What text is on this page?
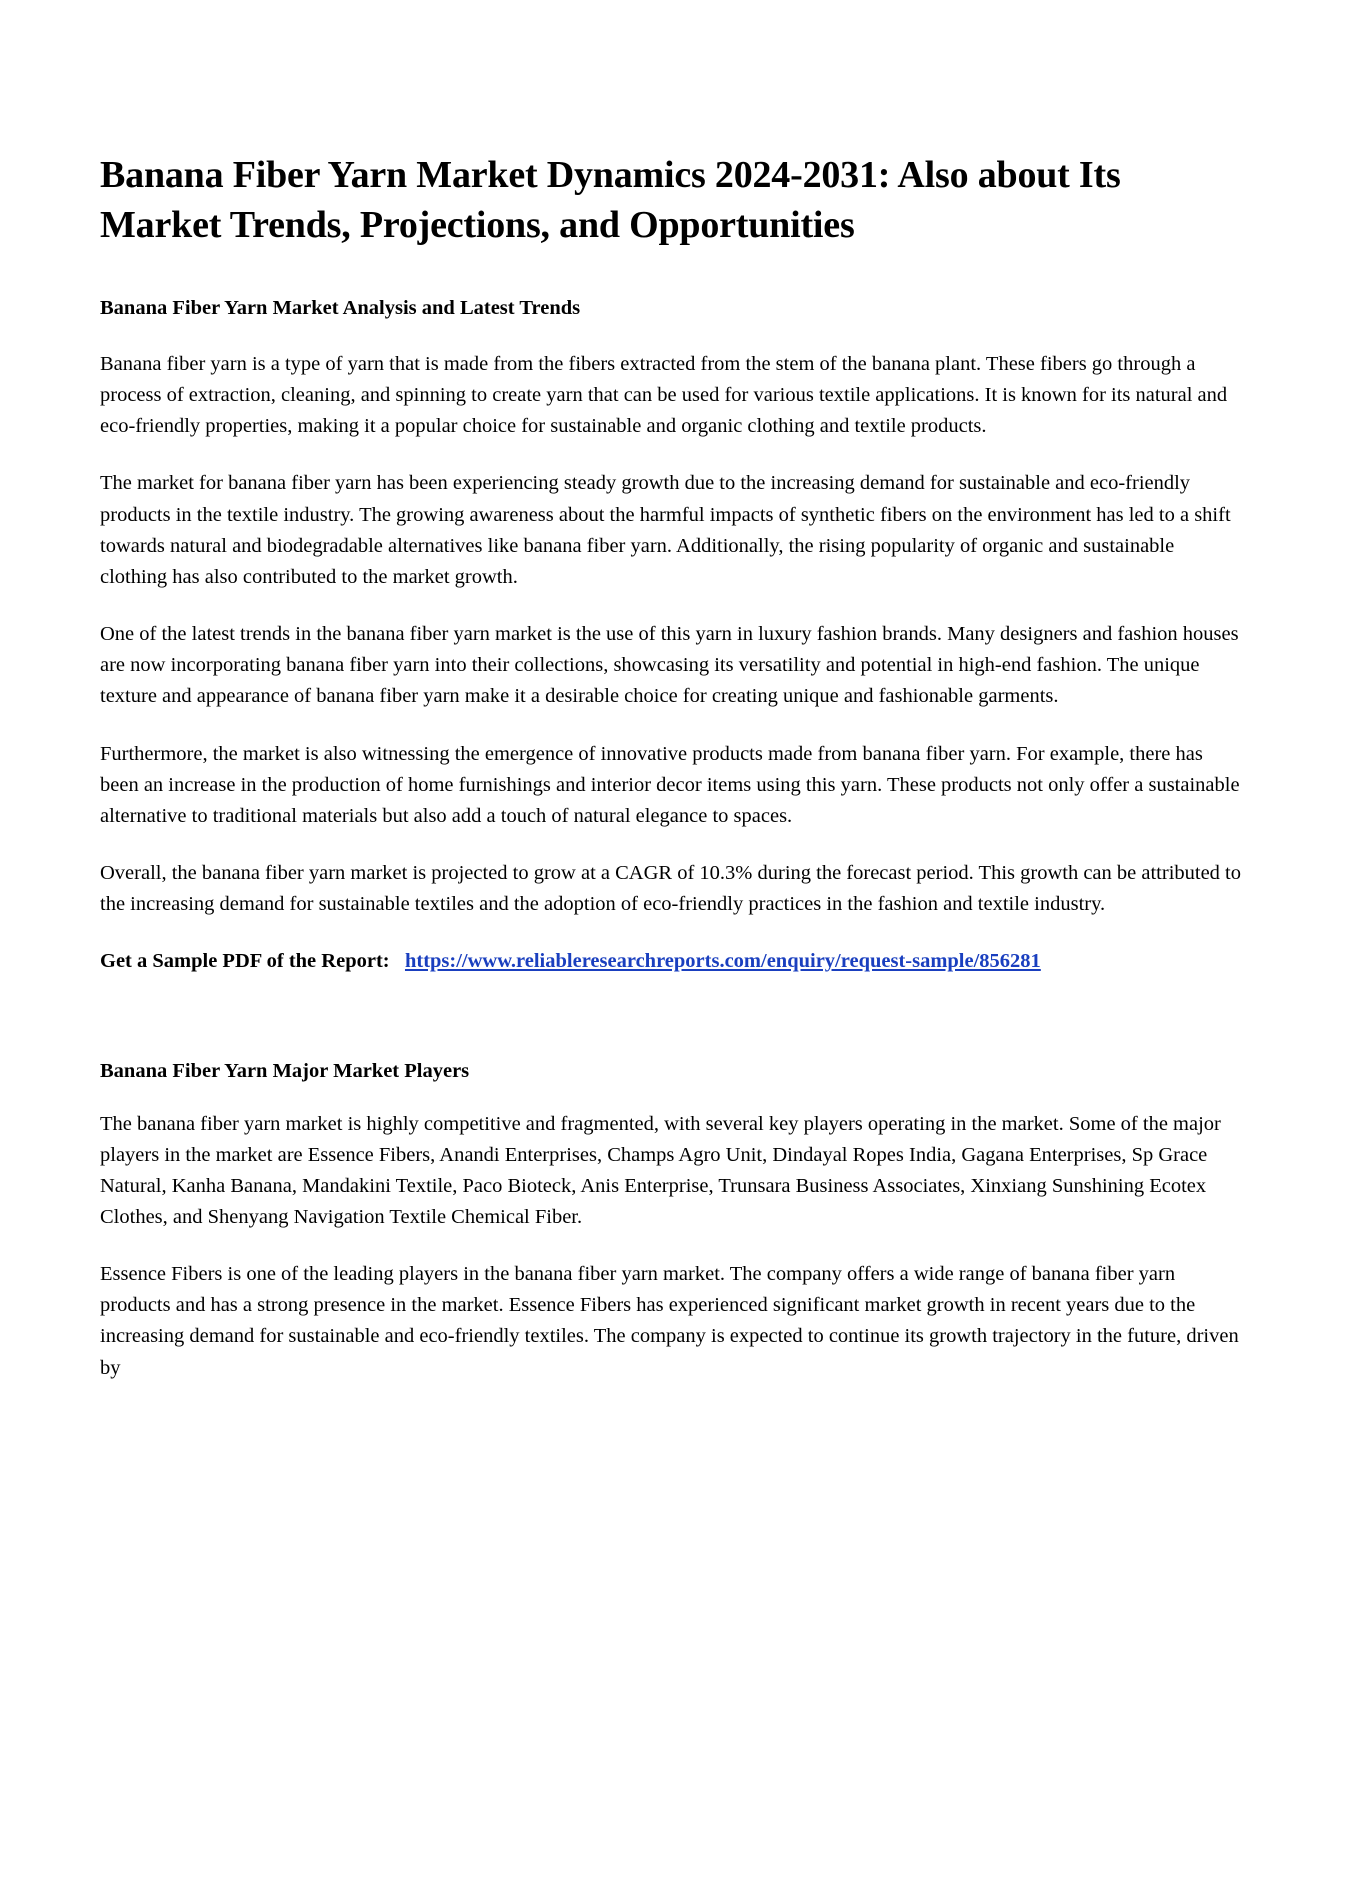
Banana Fiber Yarn Market Dynamics 2024-2031: Also about Its Market Trends, Projections, and Opportunities
Banana Fiber Yarn Market Analysis and Latest Trends

Banana fiber yarn is a type of yarn that is made from the fibers extracted from the stem of the banana plant. These fibers go through a process of extraction, cleaning, and spinning to create yarn that can be used for various textile applications. It is known for its natural and eco-friendly properties, making it a popular choice for sustainable and organic clothing and textile products.

The market for banana fiber yarn has been experiencing steady growth due to the increasing demand for sustainable and eco-friendly products in the textile industry. The growing awareness about the harmful impacts of synthetic fibers on the environment has led to a shift towards natural and biodegradable alternatives like banana fiber yarn. Additionally, the rising popularity of organic and sustainable clothing has also contributed to the market growth.

One of the latest trends in the banana fiber yarn market is the use of this yarn in luxury fashion brands. Many designers and fashion houses are now incorporating banana fiber yarn into their collections, showcasing its versatility and potential in high-end fashion. The unique texture and appearance of banana fiber yarn make it a desirable choice for creating unique and fashionable garments.

Furthermore, the market is also witnessing the emergence of innovative products made from banana fiber yarn. For example, there has been an increase in the production of home furnishings and interior decor items using this yarn. These products not only offer a sustainable alternative to traditional materials but also add a touch of natural elegance to spaces.

Overall, the banana fiber yarn market is projected to grow at a CAGR of 10.3% during the forecast period. This growth can be attributed to the increasing demand for sustainable textiles and the adoption of eco-friendly practices in the fashion and textile industry.

Get a Sample PDF of the Report: https://www.reliableresearchreports.com/enquiry/request-sample/856281
Banana Fiber Yarn Major Market Players

The banana fiber yarn market is highly competitive and fragmented, with several key players operating in the market. Some of the major players in the market are Essence Fibers, Anandi Enterprises, Champs Agro Unit, Dindayal Ropes India, Gagana Enterprises, Sp Grace Natural, Kanha Banana, Mandakini Textile, Paco Bioteck, Anis Enterprise, Trunsara Business Associates, Xinxiang Sunshining Ecotex Clothes, and Shenyang Navigation Textile Chemical Fiber.

Essence Fibers is one of the leading players in the banana fiber yarn market. The company offers a wide range of banana fiber yarn products and has a strong presence in the market. Essence Fibers has experienced significant market growth in recent years due to the increasing demand for sustainable and eco-friendly textiles. The company is expected to continue its growth trajectory in the future, driven by
